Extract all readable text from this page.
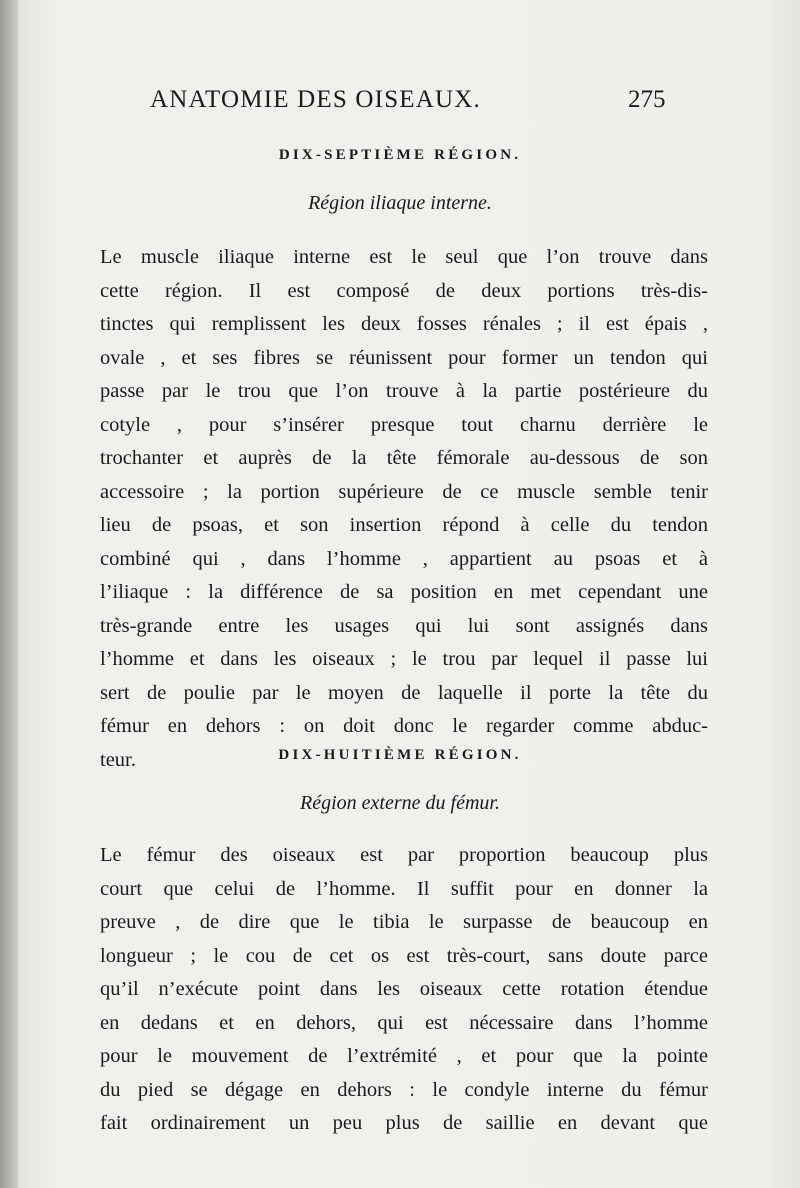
ANATOMIE DES OISEAUX.	275
DIX-SEPTIÈME RÉGION.
Région iliaque interne.
Le muscle iliaque interne est le seul que l’on trouve dans
cette région. Il est composé de deux portions très-dis-
tinctes qui remplissent les deux fosses rénales ; il est épais ,
ovale , et ses fibres se réunissent pour former un tendon qui
passe par le trou que l’on trouve à la partie postérieure du
cotyle , pour s’insérer presque tout charnu derrière le
trochanter et auprès de la tête fémorale au-dessous de son
accessoire ; la portion supérieure de ce muscle semble tenir
lieu de psoas, et son insertion répond à celle du tendon
combiné qui , dans l’homme , appartient au psoas et à
l’iliaque : la différence de sa position en met cependant une
très-grande entre les usages qui lui sont assignés dans
l’homme et dans les oiseaux ; le trou par lequel il passe lui
sert de poulie par le moyen de laquelle il porte la tête du
fémur en dehors : on doit donc le regarder comme abduc-
teur.	DIX-HUITIÈME RÉGION.
Région externe du fémur.
Le fémur des oiseaux est par proportion beaucoup plus
court que celui de l’homme. Il suffit pour en donner la
preuve , de dire que le tibia le surpasse de beaucoup en
longueur ; le cou de cet os est très-court, sans doute parce
qu’il n’exécute point dans les oiseaux cette rotation étendue
en dedans et en dehors, qui est nécessaire dans l’homme
pour le mouvement de l’extrémité , et pour que la pointe
du pied se dégage en dehors : le condyle interne du fémur
fait ordinairement un peu plus de saillie en devant que
